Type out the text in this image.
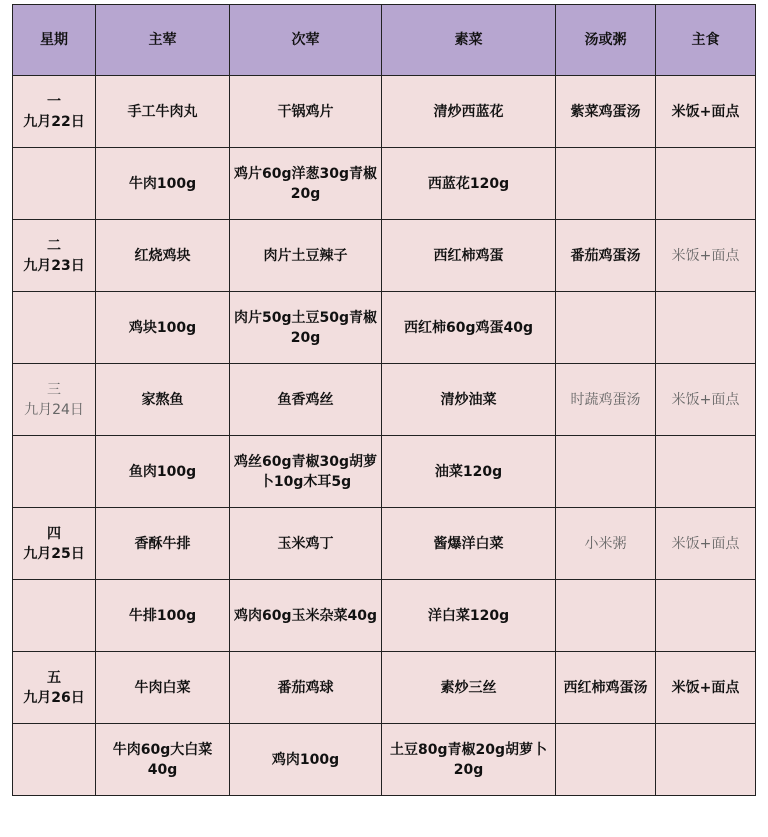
星期	主荤	次荤	素菜	汤或粥	主食

一
九月22日	手工牛肉丸	干锅鸡片	清炒西蓝花	紫菜鸡蛋汤	米饭+面点
	牛肉100g	鸡片60g洋葱30g青椒20g	西蓝花120g		

二
九月23日	红烧鸡块	肉片土豆辣子	西红柿鸡蛋	番茄鸡蛋汤	米饭+面点
	鸡块100g	肉片50g土豆50g青椒20g	西红柿60g鸡蛋40g		

三
九月24日	家熬鱼	鱼香鸡丝	清炒油菜	时蔬鸡蛋汤	米饭+面点
	鱼肉100g	鸡丝60g青椒30g胡萝卜10g木耳5g	油菜120g		

四
九月25日	香酥牛排	玉米鸡丁	酱爆洋白菜	小米粥	米饭+面点
	牛排100g	鸡肉60g玉米杂菜40g	洋白菜120g		

五
九月26日	牛肉白菜	番茄鸡球	素炒三丝	西红柿鸡蛋汤	米饭+面点
	牛肉60g大白菜40g	鸡肉100g	土豆80g青椒20g胡萝卜20g		
